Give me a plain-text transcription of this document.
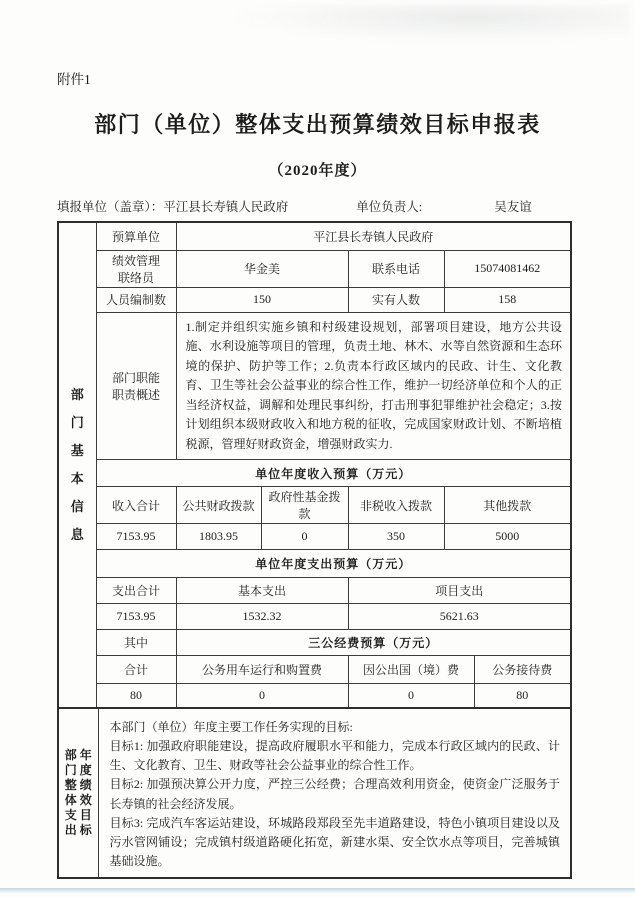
附件1
部门（单位）整体支出预算绩效目标申报表
（2020年度）
填报单位（盖章）： 平江县长寿镇人民政府	单位负责人:	吴友谊
部门基本信息	预算单位	平江县长寿镇人民政府				

	绩效管理
联络员	华金美		联系电话	15074081462	
	人员编制数	150		实有人数	158	

	部门职能
职责概述	1.制定并组织实施乡镇和村级建设规划，部署项目建设，地方公共设施、水利设施等项目的管理，负责土地、林木、水等自然资源和生态环境的保护、防护等工作；2.负责本行政区域内的民政、计生、文化教育、卫生等社会公益事业的综合性工作，维护一切经济单位和个人的正当经济权益，调解和处理民事纠纷，打击刑事犯罪维护社会稳定；3.按计划组织本级财政收入和地方税的征收，完成国家财政计划、不断培植税源，管理好财政资金，增强财政实力.				
	单位年度收入预算（万元）					
	收入合计	公共财政拨款	政府性基金拨款	非税收入拨款	其他拨款	
	7153.95	1803.95	0	350	5000	
	单位年度支出预算（万元）					
	支出合计	基本支出		项目支出		
	7153.95	1532.32		5621.63		
	其中	三公经费预算（万元）				
	合计	公务用车运行和购置费		因公出国（境）费		公务接待费
	80	0		0		80
部门整体支出
年度绩效目标

本部门（单位）年度主要工作任务实现的目标:
目标1: 加强政府职能建设，提高政府履职水平和能力，完成本行政区域内的民政、计生、文化教育、卫生、财政等社会公益事业的综合性工作。
目标2: 加强预决算公开力度，严控三公经费；合理高效利用资金，使资金广泛服务于长寿镇的社会经济发展。
目标3: 完成汽车客运站建设，环城路段郑段至先丰道路建设，特色小镇项目建设以及污水管网铺设；完成镇村级道路硬化拓宽，新建水渠、安全饮水点等项目，完善城镇基础设施。
